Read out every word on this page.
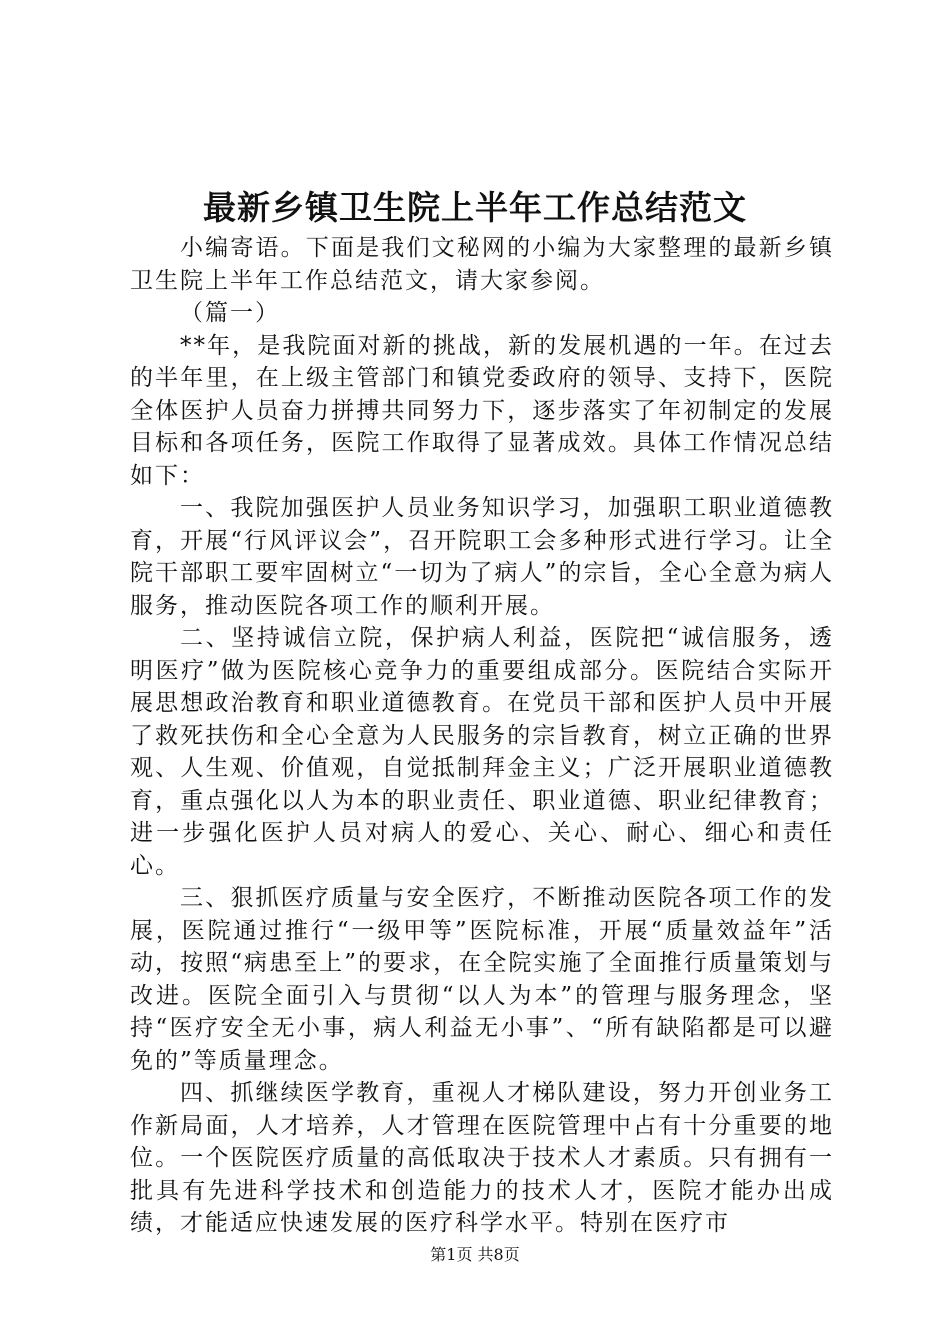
最新乡镇卫生院上半年工作总结范文

小编寄语。下面是我们文秘网的小编为大家整理的最新乡镇卫生院上半年工作总结范文，请大家参阅。

（篇一）

**年，是我院面对新的挑战，新的发展机遇的一年。在过去的半年里，在上级主管部门和镇党委政府的领导、支持下，医院全体医护人员奋力拼搏共同努力下，逐步落实了年初制定的发展目标和各项任务，医院工作取得了显著成效。具体工作情况总结如下：

一、我院加强医护人员业务知识学习，加强职工职业道德教育，开展“行风评议会”，召开院职工会多种形式进行学习。让全院干部职工要牢固树立“一切为了病人”的宗旨，全心全意为病人服务，推动医院各项工作的顺利开展。

二、坚持诚信立院，保护病人利益，医院把“诚信服务，透明医疗”做为医院核心竞争力的重要组成部分。医院结合实际开展思想政治教育和职业道德教育。在党员干部和医护人员中开展了救死扶伤和全心全意为人民服务的宗旨教育，树立正确的世界观、人生观、价值观，自觉抵制拜金主义；广泛开展职业道德教育，重点强化以人为本的职业责任、职业道德、职业纪律教育；进一步强化医护人员对病人的爱心、关心、耐心、细心和责任心。

三、狠抓医疗质量与安全医疗，不断推动医院各项工作的发展，医院通过推行“一级甲等”医院标准，开展“质量效益年”活动，按照“病患至上”的要求，在全院实施了全面推行质量策划与改进。医院全面引入与贯彻“以人为本”的管理与服务理念，坚持“医疗安全无小事，病人利益无小事”、“所有缺陷都是可以避免的”等质量理念。

四、抓继续医学教育，重视人才梯队建设，努力开创业务工作新局面，人才培养，人才管理在医院管理中占有十分重要的地位。一个医院医疗质量的高低取决于技术人才素质。只有拥有一批具有先进科学技术和创造能力的技术人才，医院才能办出成绩，才能适应快速发展的医疗科学水平。特别在医疗市

第1页 共8页
